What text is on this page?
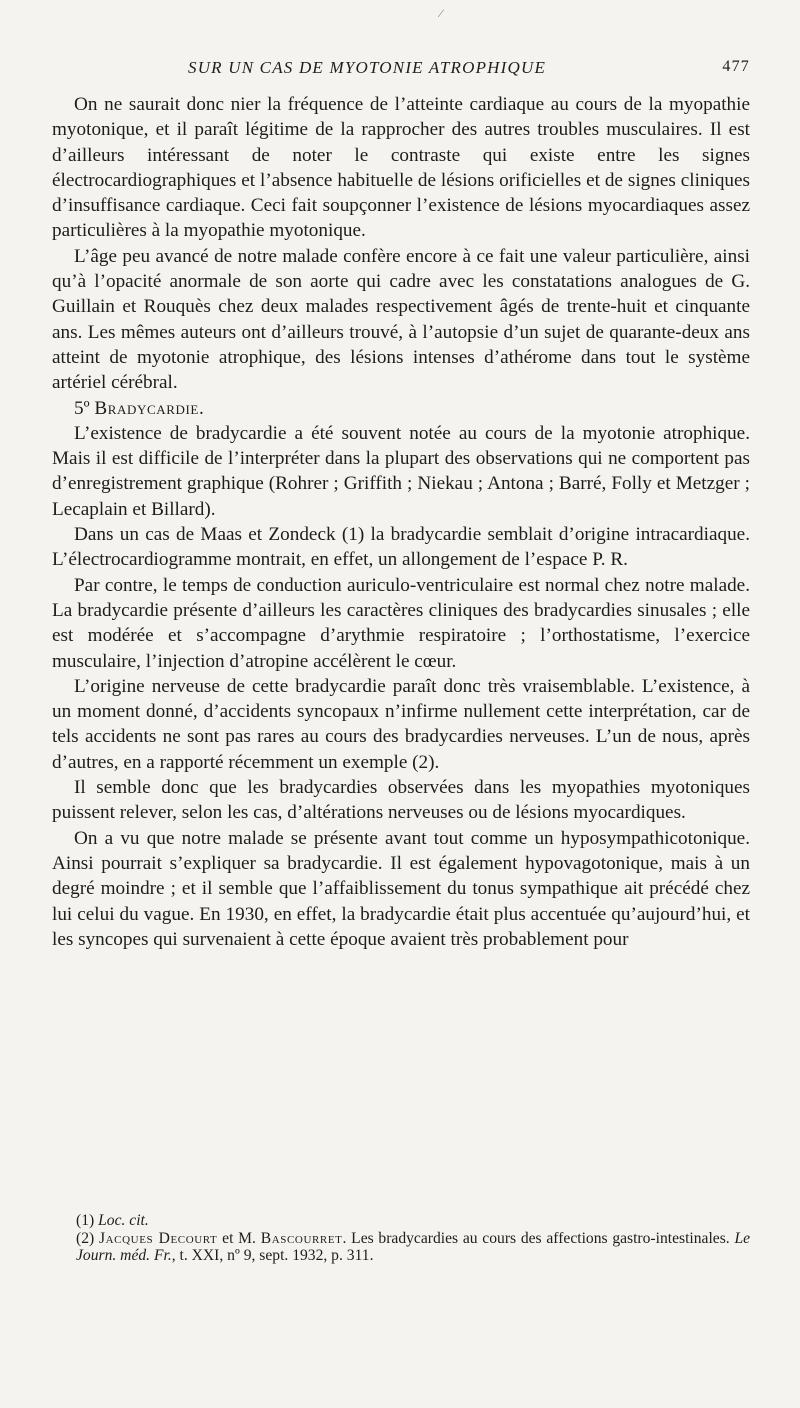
⁄
SUR UN CAS DE MYOTONIE ATROPHIQUE	477

On ne saurait donc nier la fréquence de l’atteinte cardiaque au cours de la myopathie myotonique, et il paraît légitime de la rapprocher des autres troubles musculaires. Il est d’ailleurs intéressant de noter le contraste qui existe entre les signes électrocardiographiques et l’absence habituelle de lésions orificielles et de signes cliniques d’insuffisance cardiaque. Ceci fait soupçonner l’existence de lésions myocardiaques assez particulières à la myopathie myotonique.

L’âge peu avancé de notre malade confère encore à ce fait une valeur particulière, ainsi qu’à l’opacité anormale de son aorte qui cadre avec les constatations analogues de G. Guillain et Rouquès chez deux malades respectivement âgés de trente-huit et cinquante ans. Les mêmes auteurs ont d’ailleurs trouvé, à l’autopsie d’un sujet de quarante-deux ans atteint de myotonie atrophique, des lésions intenses d’athérome dans tout le système artériel cérébral.

5º Bradycardie.

L’existence de bradycardie a été souvent notée au cours de la myotonie atrophique. Mais il est difficile de l’interpréter dans la plupart des observations qui ne comportent pas d’enregistrement graphique (Rohrer ; Griffith ; Niekau ; Antona ; Barré, Folly et Metzger ; Lecaplain et Billard).

Dans un cas de Maas et Zondeck (1) la bradycardie semblait d’origine intracardiaque. L’électrocardiogramme montrait, en effet, un allongement de l’espace P. R.

Par contre, le temps de conduction auriculo-ventriculaire est normal chez notre malade. La bradycardie présente d’ailleurs les caractères cliniques des bradycardies sinusales ; elle est modérée et s’accompagne d’arythmie respiratoire ; l’orthostatisme, l’exercice musculaire, l’injection d’atropine accélèrent le cœur.

L’origine nerveuse de cette bradycardie paraît donc très vraisemblable. L’existence, à un moment donné, d’accidents syncopaux n’infirme nullement cette interprétation, car de tels accidents ne sont pas rares au cours des bradycardies nerveuses. L’un de nous, après d’autres, en a rapporté récemment un exemple (2).

Il semble donc que les bradycardies observées dans les myopathies myotoniques puissent relever, selon les cas, d’altérations nerveuses ou de lésions myocardiques.

On a vu que notre malade se présente avant tout comme un hyposympathicotonique. Ainsi pourrait s’expliquer sa bradycardie. Il est également hypovagotonique, mais à un degré moindre ; et il semble que l’affaiblissement du tonus sympathique ait précédé chez lui celui du vague. En 1930, en effet, la bradycardie était plus accentuée qu’aujourd’hui, et les syncopes qui survenaient à cette époque avaient très probablement pour

(1) Loc. cit.

(2) Jacques Decourt et M. Bascourret. Les bradycardies au cours des affections gastro-intestinales. Le Journ. méd. Fr., t. XXI, nº 9, sept. 1932, p. 311.
